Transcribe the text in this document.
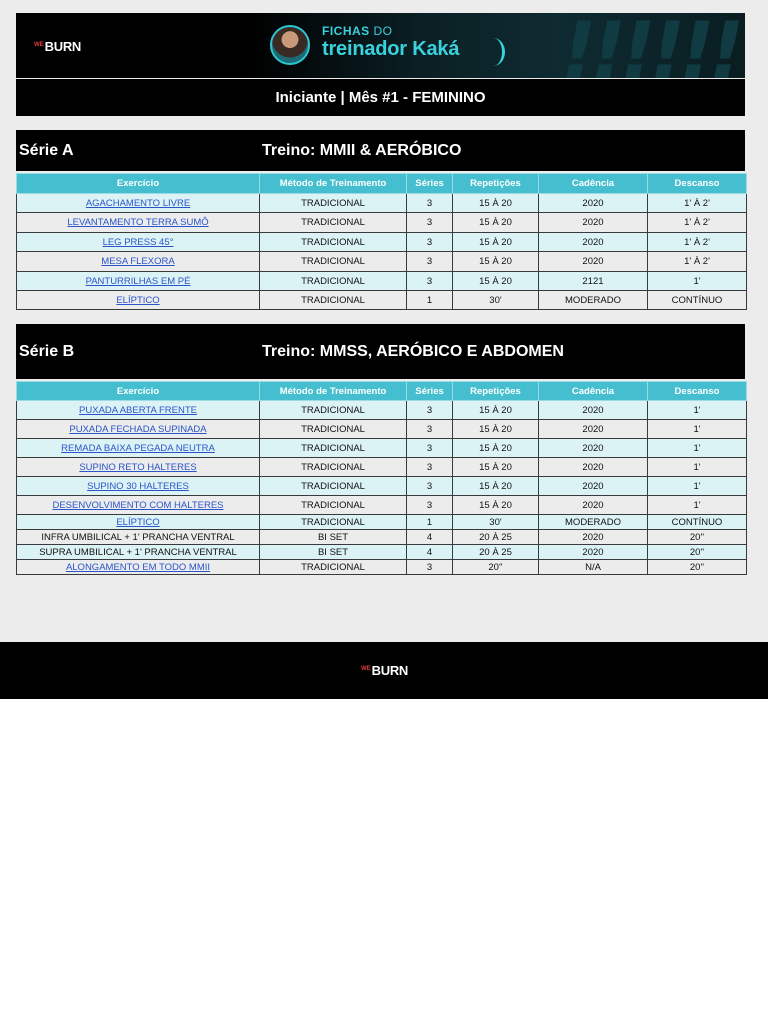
$^{WE}$BURN
FICHAS DO
treinador Kaká !!!!!!
Iniciante | Mês #1 - FEMININO
Série A	Treino: MMII & AERÓBICO
Exercício	Método de Treinamento	Séries	Repetições	Cadência	Descanso
AGACHAMENTO LIVRE	TRADICIONAL	3	15 À 20	2020	1' À 2'
LEVANTAMENTO TERRA SUMÔ	TRADICIONAL	3	15 À 20	2020	1' À 2'
LEG PRESS 45°	TRADICIONAL	3	15 À 20	2020	1' À 2'
MESA FLEXORA	TRADICIONAL	3	15 À 20	2020	1' À 2'
PANTURRILHAS EM PÉ	TRADICIONAL	3	15 À 20	2121	1'
ELÍPTICO	TRADICIONAL	1	30'	MODERADO	CONTÍNUO
Série B	Treino: MMSS, AERÓBICO E ABDOMEN
Exercício	Método de Treinamento	Séries	Repetições	Cadência	Descanso
PUXADA ABERTA FRENTE	TRADICIONAL	3	15 À 20	2020	1'
PUXADA FECHADA SUPINADA	TRADICIONAL	3	15 À 20	2020	1'
REMADA BAIXA PEGADA NEUTRA	TRADICIONAL	3	15 À 20	2020	1'
SUPINO RETO HALTERES	TRADICIONAL	3	15 À 20	2020	1'
SUPINO 30 HALTERES	TRADICIONAL	3	15 À 20	2020	1'
DESENVOLVIMENTO COM HALTERES	TRADICIONAL	3	15 À 20	2020	1'
ELÍPTICO	TRADICIONAL	1	30'	MODERADO	CONTÍNUO
INFRA UMBILICAL + 1' PRANCHA VENTRAL	BI SET	4	20 À 25	2020	20''
SUPRA UMBILICAL + 1' PRANCHA VENTRAL	BI SET	4	20 À 25	2020	20''
ALONGAMENTO EM TODO MMII	TRADICIONAL	3	20''	N/A	20''
$^{WE}$BURN
